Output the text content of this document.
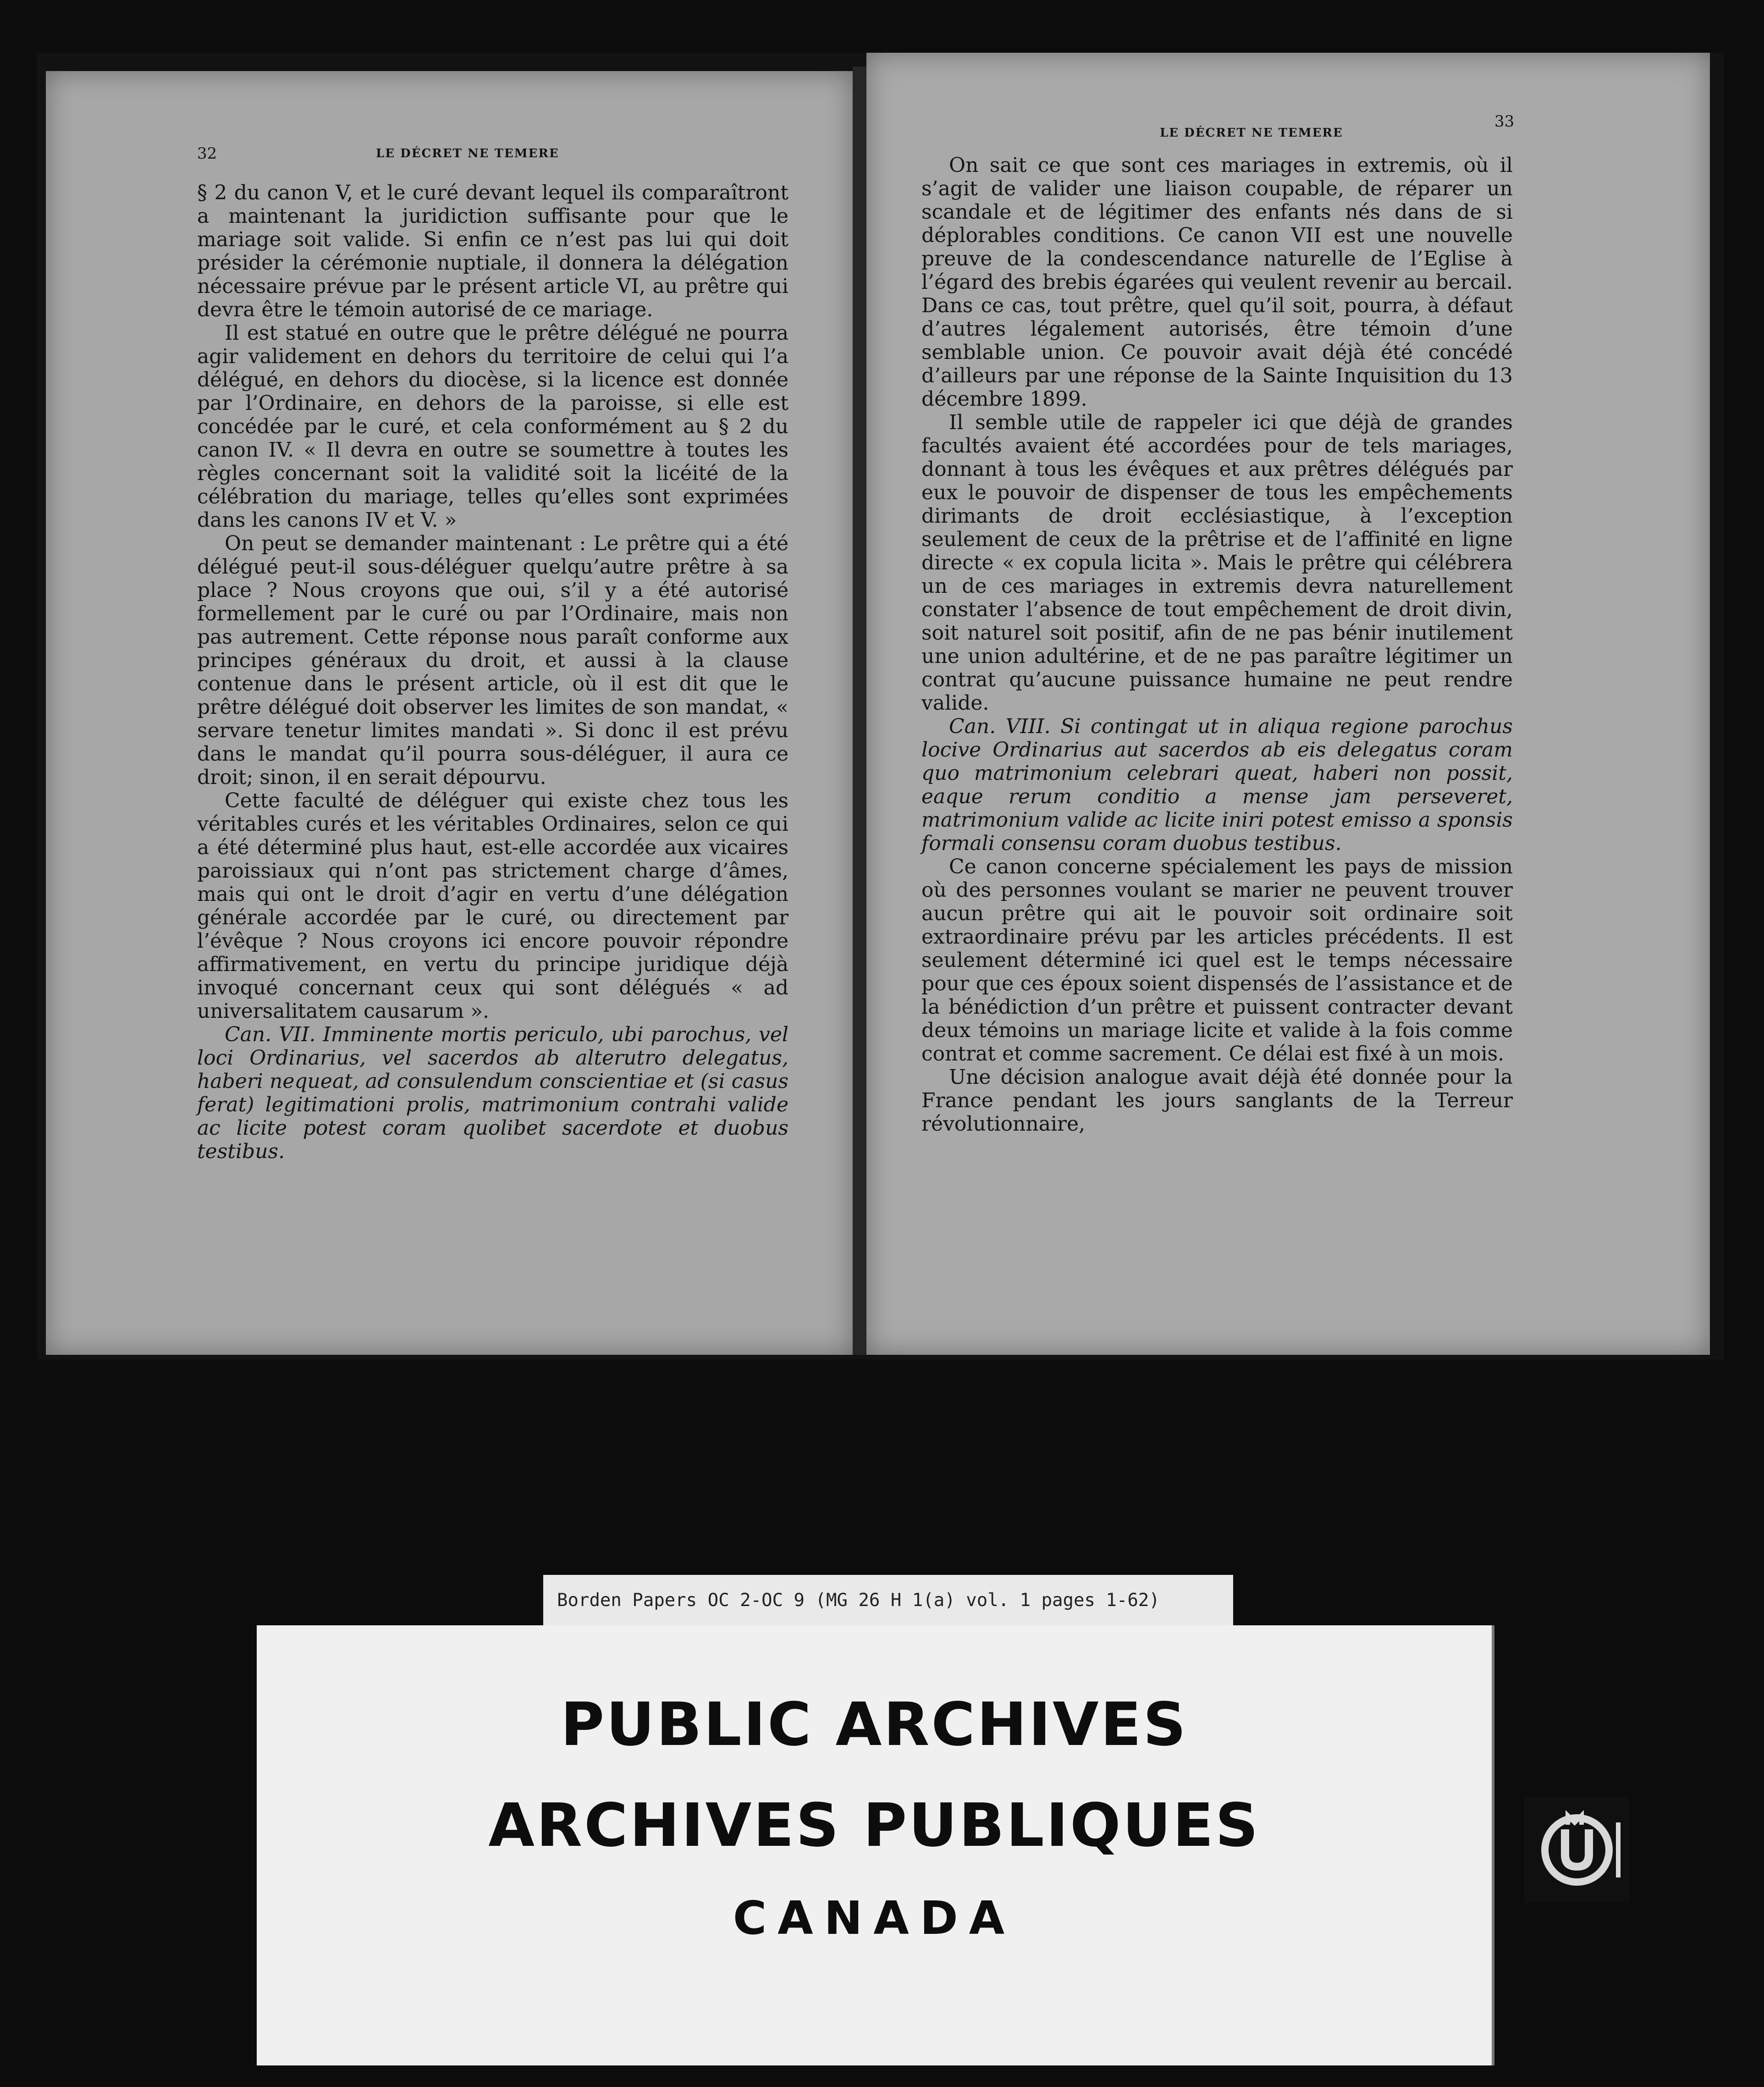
32	LE DÉCRET NE TEMERE

§ 2 du canon V, et le curé devant lequel ils comparaîtront a maintenant la juridiction suffisante pour que le mariage soit valide. Si enfin ce n’est pas lui qui doit présider la cérémonie nuptiale, il donnera la délégation nécessaire prévue par le présent article VI, au prêtre qui devra être le témoin autorisé de ce mariage.

Il est statué en outre que le prêtre délégué ne pourra agir validement en dehors du territoire de celui qui l’a délégué, en dehors du diocèse, si la licence est donnée par l’Ordinaire, en dehors de la paroisse, si elle est concédée par le curé, et cela conformément au § 2 du canon IV. « Il devra en outre se soumettre à toutes les règles concernant soit la validité soit la licéité de la célébration du mariage, telles qu’elles sont exprimées dans les canons IV et V. »

On peut se demander maintenant : Le prêtre qui a été délégué peut-il sous-déléguer quelqu’autre prêtre à sa place ? Nous croyons que oui, s’il y a été autorisé formellement par le curé ou par l’Ordinaire, mais non pas autrement. Cette réponse nous paraît conforme aux principes généraux du droit, et aussi à la clause contenue dans le présent article, où il est dit que le prêtre délégué doit observer les limites de son mandat, « servare tenetur limites mandati ». Si donc il est prévu dans le mandat qu’il pourra sous-déléguer, il aura ce droit; sinon, il en serait dépourvu.

Cette faculté de déléguer qui existe chez tous les véritables curés et les véritables Ordinaires, selon ce qui a été déterminé plus haut, est-elle accordée aux vicaires paroissiaux qui n’ont pas strictement charge d’âmes, mais qui ont le droit d’agir en vertu d’une délégation générale accordée par le curé, ou directement par l’évêque ? Nous croyons ici encore pouvoir répondre affirmativement, en vertu du principe juridique déjà invoqué concernant ceux qui sont délégués « ad universalitatem causarum ».

Can. VII. Imminente mortis periculo, ubi parochus, vel loci Ordinarius, vel sacerdos ab alterutro delegatus, haberi nequeat, ad consulendum conscientiae et (si casus ferat) legitimationi prolis, matrimonium contrahi valide ac licite potest coram quolibet sacerdote et duobus testibus.

LE DÉCRET NE TEMERE
33

On sait ce que sont ces mariages in extremis, où il s’agit de valider une liaison coupable, de réparer un scandale et de légitimer des enfants nés dans de si déplorables conditions. Ce canon VII est une nouvelle preuve de la condescendance naturelle de l’Eglise à l’égard des brebis égarées qui veulent revenir au bercail. Dans ce cas, tout prêtre, quel qu’il soit, pourra, à défaut d’autres légalement autorisés, être témoin d’une semblable union. Ce pouvoir avait déjà été concédé d’ailleurs par une réponse de la Sainte Inquisition du 13 décembre 1899.

Il semble utile de rappeler ici que déjà de grandes facultés avaient été accordées pour de tels mariages, donnant à tous les évêques et aux prêtres délégués par eux le pouvoir de dispenser de tous les empêchements dirimants de droit ecclésiastique, à l’exception seulement de ceux de la prêtrise et de l’affinité en ligne directe « ex copula licita ». Mais le prêtre qui célébrera un de ces mariages in extremis devra naturellement constater l’absence de tout empêchement de droit divin, soit naturel soit positif, afin de ne pas bénir inutilement une union adultérine, et de ne pas paraître légitimer un contrat qu’aucune puissance humaine ne peut rendre valide.

Can. VIII. Si contingat ut in aliqua regione parochus locive Ordinarius aut sacerdos ab eis delegatus coram quo matrimonium celebrari queat, haberi non possit, eaque rerum conditio a mense jam perseveret, matrimonium valide ac licite iniri potest emisso a sponsis formali consensu coram duobus testibus.

Ce canon concerne spécialement les pays de mission où des personnes voulant se marier ne peuvent trouver aucun prêtre qui ait le pouvoir soit ordinaire soit extraordinaire prévu par les articles précédents. Il est seulement déterminé ici quel est le temps nécessaire pour que ces époux soient dispensés de l’assistance et de la bénédiction d’un prêtre et puissent contracter devant deux témoins un mariage licite et valide à la fois comme contrat et comme sacrement. Ce délai est fixé à un mois.

Une décision analogue avait déjà été donnée pour la France pendant les jours sanglants de la Terreur révolutionnaire,

Borden Papers OC 2-OC 9 (MG 26 H 1(a) vol. 1 pages 1-62)
PUBLIC ARCHIVES
ARCHIVES PUBLIQUES
CANADA
